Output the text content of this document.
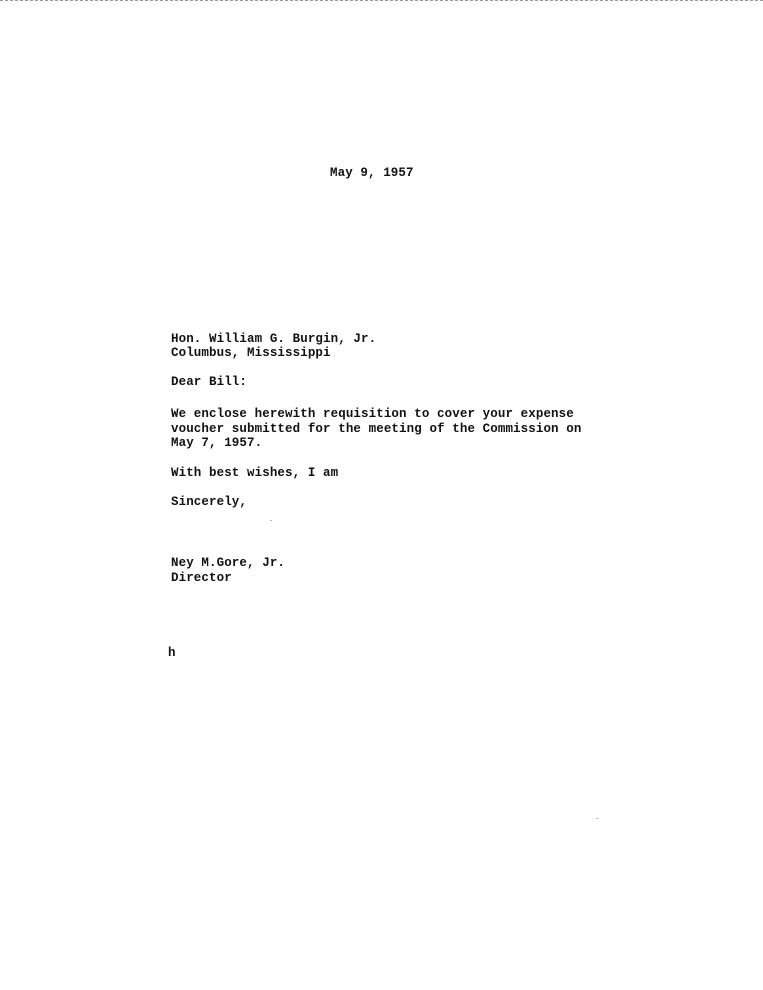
May 9, 1957
Hon. William G. Burgin, Jr.
Columbus, Mississippi
Dear Bill:
We enclose herewith requisition to cover your expense
voucher submitted for the meeting of the Commission on
May 7, 1957.
With best wishes, I am
Sincerely,
Ney M.Gore, Jr.
Director
h
